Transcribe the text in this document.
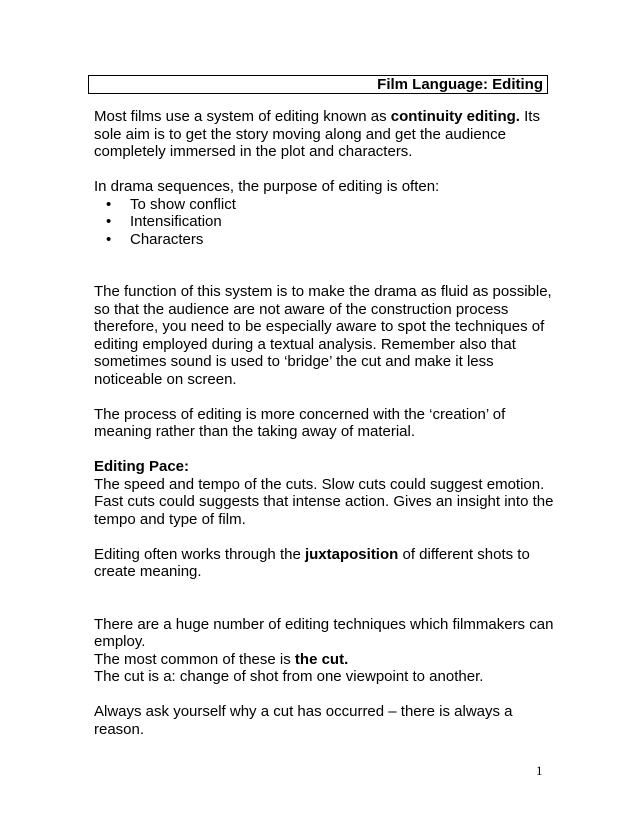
Film Language: Editing

Most films use a system of editing known as continuity editing. Its sole aim is to get the story moving along and get the audience completely immersed in the plot and characters.

In drama sequences, the purpose of editing is often:

• To show conflict
• Intensification
• Characters

The function of this system is to make the drama as fluid as possible, so that the audience are not aware of the construction process therefore, you need to be especially aware to spot the techniques of editing employed during a textual analysis. Remember also that sometimes sound is used to ‘bridge’ the cut and make it less noticeable on screen.

The process of editing is more concerned with the ‘creation’ of meaning rather than the taking away of material.

Editing Pace:

The speed and tempo of the cuts. Slow cuts could suggest emotion. Fast cuts could suggests that intense action. Gives an insight into the tempo and type of film.

Editing often works through the juxtaposition of different shots to create meaning.

There are a huge number of editing techniques which filmmakers can employ.

The most common of these is the cut.

The cut is a: change of shot from one viewpoint to another.

Always ask yourself why a cut has occurred – there is always a reason.

1
